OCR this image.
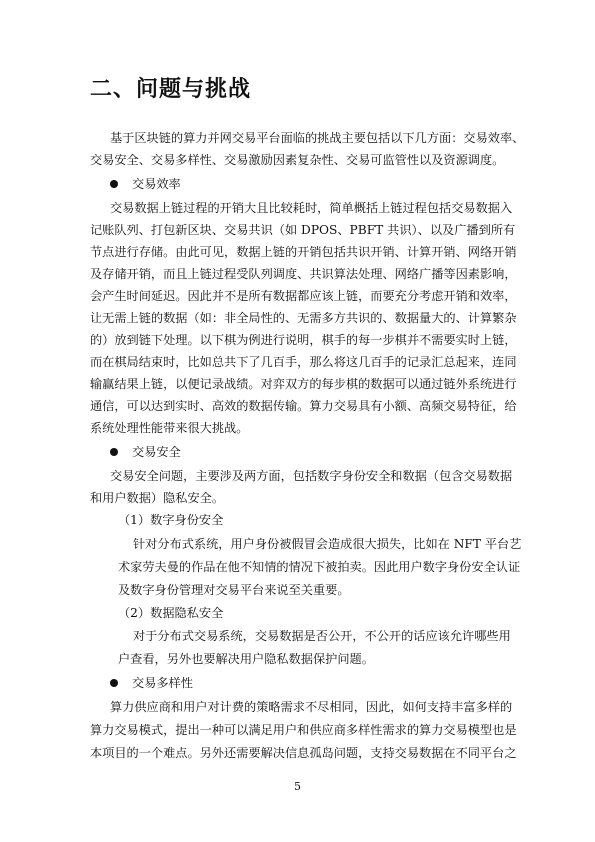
二、问题与挑战

基于区块链的算力并网交易平台面临的挑战主要包括以下几方面：交易效率、

交易安全、交易多样性、交易激励因素复杂性、交易可监管性以及资源调度。

交易效率

交易数据上链过程的开销大且比较耗时，简单概括上链过程包括交易数据入

记账队列、打包新区块、交易共识（如 DPOS、PBFT 共识）、以及广播到所有

节点进行存储。由此可见，数据上链的开销包括共识开销、计算开销、网络开销

及存储开销，而且上链过程受队列调度、共识算法处理、网络广播等因素影响，

会产生时间延迟。因此并不是所有数据都应该上链，而要充分考虑开销和效率，

让无需上链的数据（如：非全局性的、无需多方共识的、数据量大的、计算繁杂

的）放到链下处理。以下棋为例进行说明，棋手的每一步棋并不需要实时上链，

而在棋局结束时，比如总共下了几百手，那么将这几百手的记录汇总起来，连同

输赢结果上链，以便记录战绩。对弈双方的每步棋的数据可以通过链外系统进行

通信，可以达到实时、高效的数据传输。算力交易具有小额、高频交易特征，给

系统处理性能带来很大挑战。

交易安全

交易安全问题，主要涉及两方面，包括数字身份安全和数据（包含交易数据

和用户数据）隐私安全。

（1）数字身份安全

针对分布式系统，用户身份被假冒会造成很大损失，比如在 NFT 平台艺

术家劳夫曼的作品在他不知情的情况下被拍卖。因此用户数字身份安全认证

及数字身份管理对交易平台来说至关重要。

（2）数据隐私安全

对于分布式交易系统，交易数据是否公开，不公开的话应该允许哪些用

户查看，另外也要解决用户隐私数据保护问题。

交易多样性

算力供应商和用户对计费的策略需求不尽相同，因此，如何支持丰富多样的

算力交易模式，提出一种可以满足用户和供应商多样性需求的算力交易模型也是

本项目的一个难点。另外还需要解决信息孤岛问题，支持交易数据在不同平台之

5
